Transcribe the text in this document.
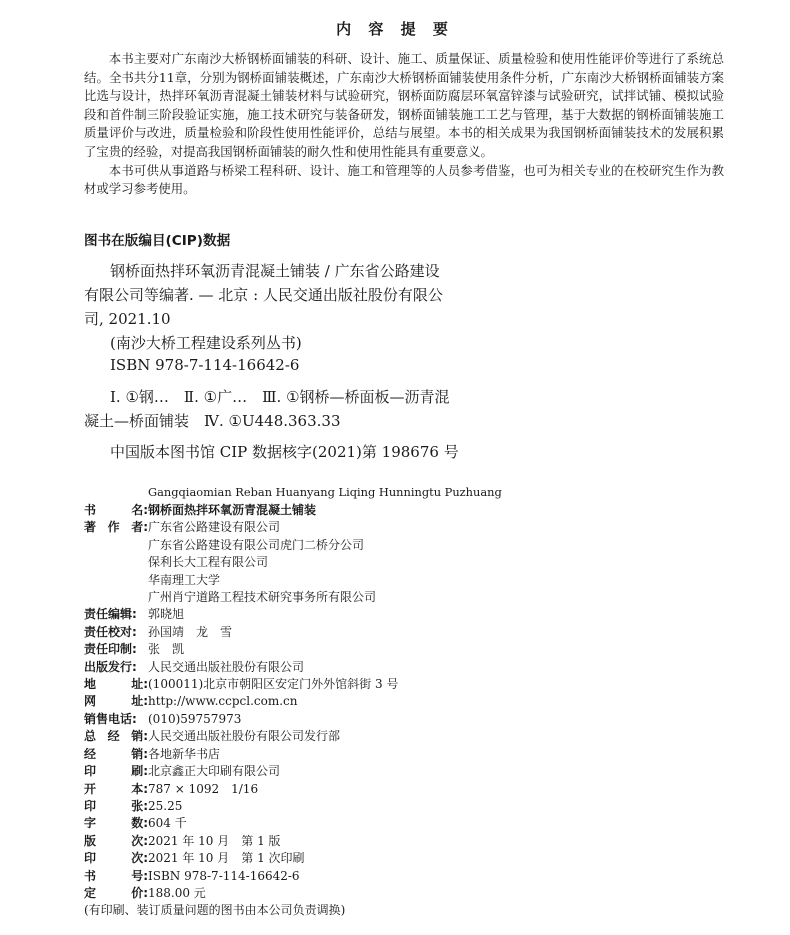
内 容 提 要

本书主要对广东南沙大桥钢桥面铺装的科研、设计、施工、质量保证、质量检验和使用性能评价等进行了系统总结。全书共分11章，分别为钢桥面铺装概述，广东南沙大桥钢桥面铺装使用条件分析，广东南沙大桥钢桥面铺装方案比选与设计，热拌环氧沥青混凝土铺装材料与试验研究，钢桥面防腐层环氧富锌漆与试验研究，试拌试铺、模拟试验段和首件制三阶段验证实施，施工技术研究与装备研发，钢桥面铺装施工工艺与管理，基于大数据的钢桥面铺装施工质量评价与改进，质量检验和阶段性使用性能评价，总结与展望。本书的相关成果为我国钢桥面铺装技术的发展积累了宝贵的经验，对提高我国钢桥面铺装的耐久性和使用性能具有重要意义。

本书可供从事道路与桥梁工程科研、设计、施工和管理等的人员参考借鉴，也可为相关专业的在校研究生作为教材或学习参考使用。

图书在版编目(CIP)数据
钢桥面热拌环氧沥青混凝土铺装 / 广东省公路建设
有限公司等编著. — 北京 : 人民交通出版社股份有限公
司, 2021.10
(南沙大桥工程建设系列丛书)
ISBN 978-7-114-16642-6
Ⅰ. ①钢…　Ⅱ. ①广…　Ⅲ. ①钢桥—桥面板—沥青混
凝土—桥面铺装　Ⅳ. ①U448.363.33
中国版本图书馆 CIP 数据核字(2021)第 198676 号
Gangqiaomian Reban Huanyang Liqing Hunningtu Puzhuang
书	名: 钢桥面热拌环氧沥青混凝土铺装
著 作 者: 广东省公路建设有限公司
广东省公路建设有限公司虎门二桥分公司
保利长大工程有限公司
华南理工大学
广州肖宁道路工程技术研究事务所有限公司
责任编辑: 郭晓旭
责任校对: 孙国靖　龙　雪
责任印制: 张　凯
出版发行: 人民交通出版社股份有限公司
地	址: (100011)北京市朝阳区安定门外外馆斜街 3 号
网	址: http://www.ccpcl.com.cn
销售电话: (010)59757973
总 经 销: 人民交通出版社股份有限公司发行部
经	销: 各地新华书店
印	刷: 北京鑫正大印刷有限公司
开	本: 787 × 1092　1/16
印	张: 25.25
字	数: 604 千
版	次: 2021 年 10 月　第 1 版
印	次: 2021 年 10 月　第 1 次印刷
书	号: ISBN 978-7-114-16642-6
定	价: 188.00 元
(有印刷、装订质量问题的图书由本公司负责调换)
